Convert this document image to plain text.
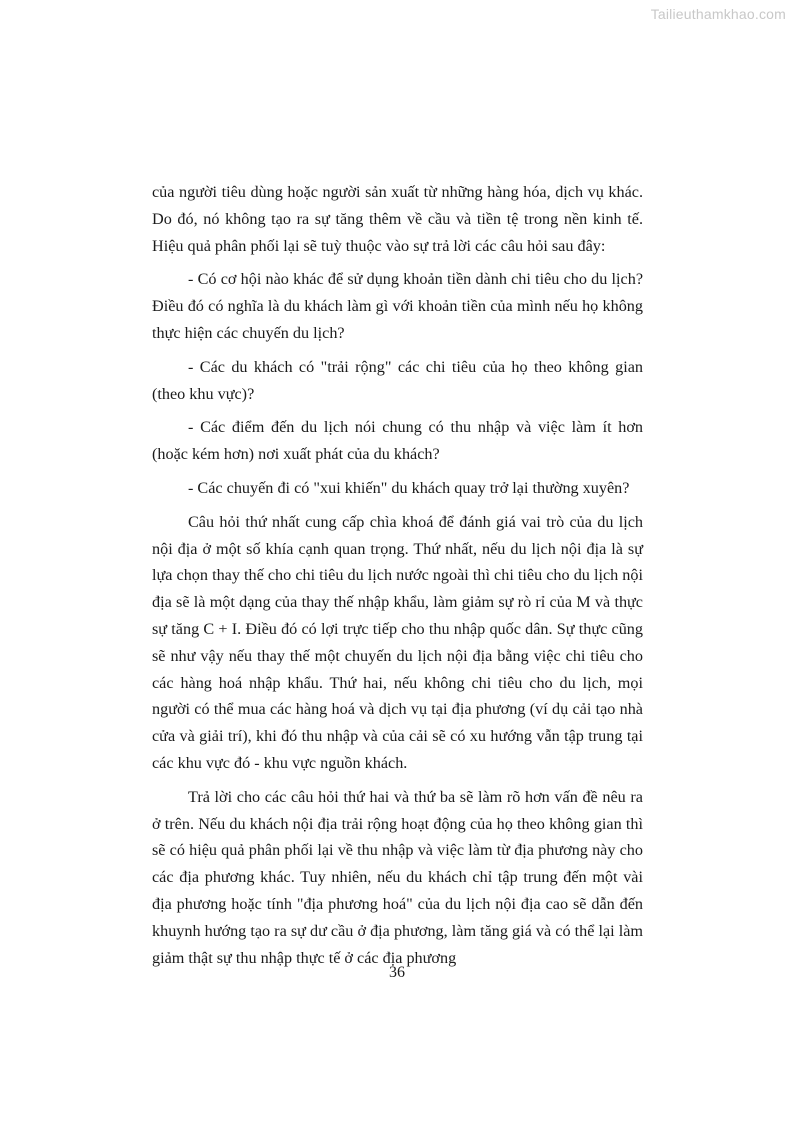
Tailieuthamkhao.com

của người tiêu dùng hoặc người sản xuất từ những hàng hóa, dịch vụ khác. Do đó, nó không tạo ra sự tăng thêm về cầu và tiền tệ trong nền kinh tế. Hiệu quả phân phối lại sẽ tuỳ thuộc vào sự trả lời các câu hỏi sau đây:

- Có cơ hội nào khác để sử dụng khoản tiền dành chi tiêu cho du lịch? Điều đó có nghĩa là du khách làm gì với khoản tiền của mình nếu họ không thực hiện các chuyến du lịch?

- Các du khách có "trải rộng" các chi tiêu của họ theo không gian (theo khu vực)?

- Các điểm đến du lịch nói chung có thu nhập và việc làm ít hơn (hoặc kém hơn) nơi xuất phát của du khách?

- Các chuyến đi có "xui khiến" du khách quay trở lại thường xuyên?

Câu hỏi thứ nhất cung cấp chìa khoá để đánh giá vai trò của du lịch nội địa ở một số khía cạnh quan trọng. Thứ nhất, nếu du lịch nội địa là sự lựa chọn thay thế cho chi tiêu du lịch nước ngoài thì chi tiêu cho du lịch nội địa sẽ là một dạng của thay thế nhập khẩu, làm giảm sự rò rỉ của M và thực sự tăng C + I. Điều đó có lợi trực tiếp cho thu nhập quốc dân. Sự thực cũng sẽ như vậy nếu thay thế một chuyến du lịch nội địa bằng việc chi tiêu cho các hàng hoá nhập khẩu. Thứ hai, nếu không chi tiêu cho du lịch, mọi người có thể mua các hàng hoá và dịch vụ tại địa phương (ví dụ cải tạo nhà cửa và giải trí), khi đó thu nhập và của cải sẽ có xu hướng vẫn tập trung tại các khu vực đó - khu vực nguồn khách.

Trả lời cho các câu hỏi thứ hai và thứ ba sẽ làm rõ hơn vấn đề nêu ra ở trên. Nếu du khách nội địa trải rộng hoạt động của họ theo không gian thì sẽ có hiệu quả phân phối lại về thu nhập và việc làm từ địa phương này cho các địa phương khác. Tuy nhiên, nếu du khách chỉ tập trung đến một vài địa phương hoặc tính "địa phương hoá" của du lịch nội địa cao sẽ dẫn đến khuynh hướng tạo ra sự dư cầu ở địa phương, làm tăng giá và có thể lại làm giảm thật sự thu nhập thực tế ở các địa phương

36
